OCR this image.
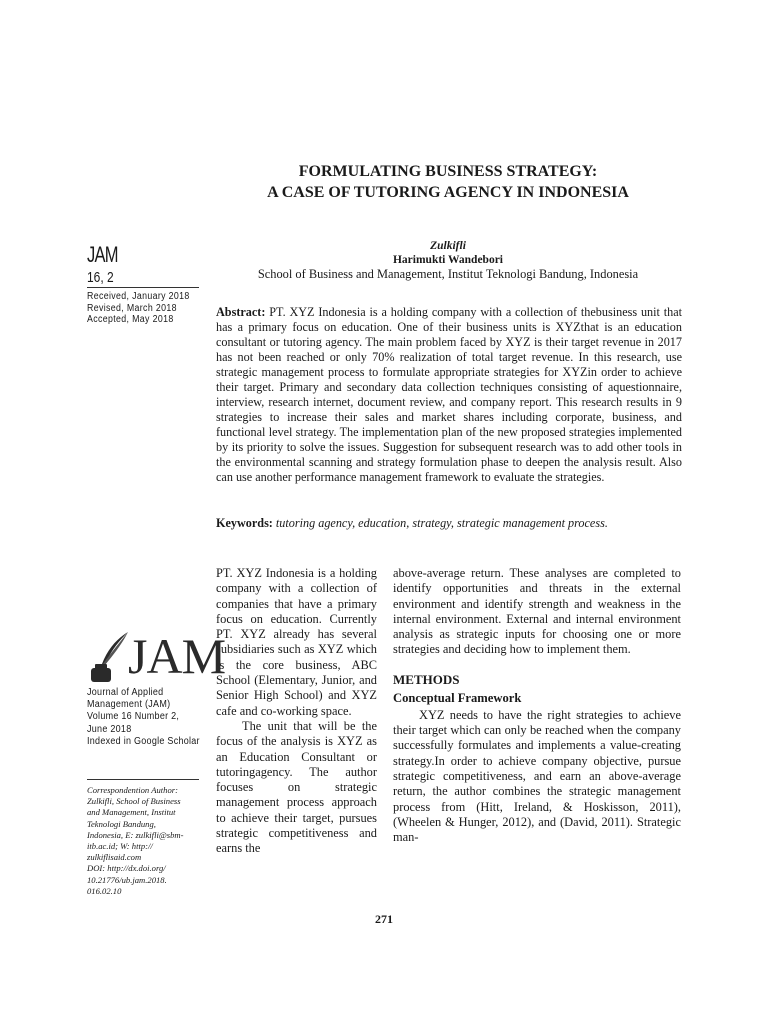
FORMULATING BUSINESS STRATEGY:
A CASE OF TUTORING AGENCY IN INDONESIA
Zulkifli
Harimukti Wandebori
School of Business and Management, Institut Teknologi Bandung, Indonesia
JAM
16, 2
Received, January 2018
Revised, March 2018
Accepted, May 2018

Abstract: PT. XYZ Indonesia is a holding company with a collection of thebusiness unit that has a primary focus on education. One of their business units is XYZthat is an education consultant or tutoring agency. The main problem faced by XYZ is their target revenue in 2017 has not been reached or only 70% realization of total target revenue. In this research, use strategic management process to formulate appropriate strategies for XYZin order to achieve their target. Primary and secondary data collection techniques consisting of aquestionnaire, interview, research internet, document review, and company report. This research results in 9 strategies to increase their sales and market shares including corporate, business, and functional level strategy. The implementation plan of the new proposed strategies implemented by its priority to solve the issues. Suggestion for subsequent research was to add other tools in the environmental scanning and strategy formulation phase to deepen the analysis result. Also can use another performance management framework to evaluate the strategies.

Keywords: tutoring agency, education, strategy, strategic management process.

PT. XYZ Indonesia is a holding company with a collection of companies that have a primary focus on education. Currently PT. XYZ already has several subsidiaries such as XYZ which is the core business, ABC School (Elementary, Junior, and Senior High School) and XYZ cafe and co-working space.

The unit that will be the focus of the analysis is XYZ as an Education Consultant or tutoringagency. The author focuses on strategic management process approach to achieve their target, pursues strategic competitiveness and earns the

above-average return. These analyses are completed to identify opportunities and threats in the external environment and identify strength and weakness in the internal environment. External and internal environment analysis as strategic inputs for choosing one or more strategies and deciding how to implement them.

METHODS
Conceptual Framework

XYZ needs to have the right strategies to achieve their target which can only be reached when the company successfully formulates and implements a value-creating strategy.In order to achieve company objective, pursue strategic competitiveness, and earn an above-average return, the author combines the strategic management process from (Hitt, Ireland, & Hoskisson, 2011), (Wheelen & Hunger, 2012), and (David, 2011). Strategic man-

JAM
Journal of Applied
Management (JAM)
Volume 16 Number 2,
June 2018
Indexed in Google Scholar
Correspondention Author:
Zulkifli, School of Business
and Management, Institut
Teknologi Bandung,
Indonesia, E: zulkifli@sbm-
itb.ac.id; W: http://
zulkiflisaid.com
DOI: http://dx.doi.org/
10.21776/ub.jam.2018.
016.02.10
271
